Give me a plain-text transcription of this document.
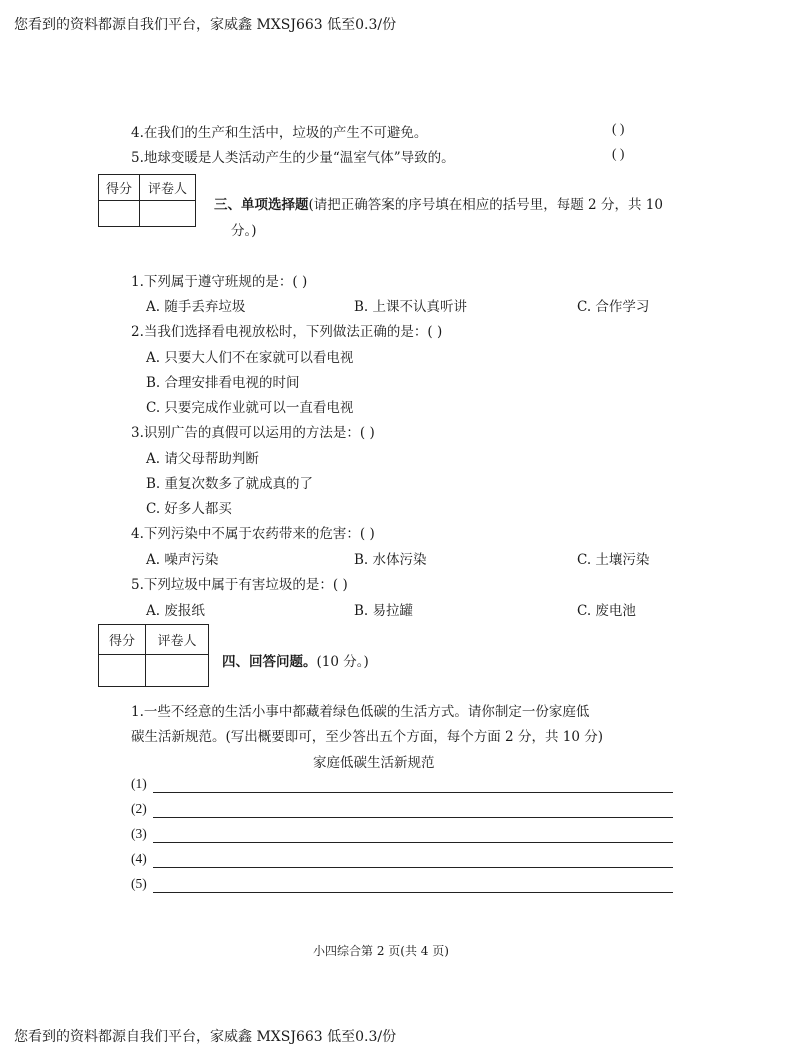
您看到的资料都源自我们平台，家威鑫 MXSJ663 低至0.3/份
4.在我们的生产和生活中，垃圾的产生不可避免。	( )
5.地球变暖是人类活动产生的少量“温室气体”导致的。	( )
得分	评卷人

三、单项选择题(请把正确答案的序号填在相应的括号里，每题 2 分，共 10
分。)
1.下列属于遵守班规的是：( )
A. 随手丢弃垃圾	B. 上课不认真听讲	C. 合作学习
2.当我们选择看电视放松时，下列做法正确的是：( )
A. 只要大人们不在家就可以看电视
B. 合理安排看电视的时间
C. 只要完成作业就可以一直看电视
3.识别广告的真假可以运用的方法是：( )
A. 请父母帮助判断
B. 重复次数多了就成真的了
C. 好多人都买
4.下列污染中不属于农药带来的危害：( )
A. 噪声污染	B. 水体污染	C. 土壤污染
5.下列垃圾中属于有害垃圾的是：( )
A. 废报纸	B. 易拉罐	C. 废电池
得分	评卷人

四、回答问题。(10 分。)
1.一些不经意的生活小事中都藏着绿色低碳的生活方式。请你制定一份家庭低
碳生活新规范。(写出概要即可，至少答出五个方面，每个方面 2 分，共 10 分)
家庭低碳生活新规范
(1)
(2)
(3)
(4)
(5)
小四综合第 2 页(共 4 页)
您看到的资料都源自我们平台，家威鑫 MXSJ663 低至0.3/份
